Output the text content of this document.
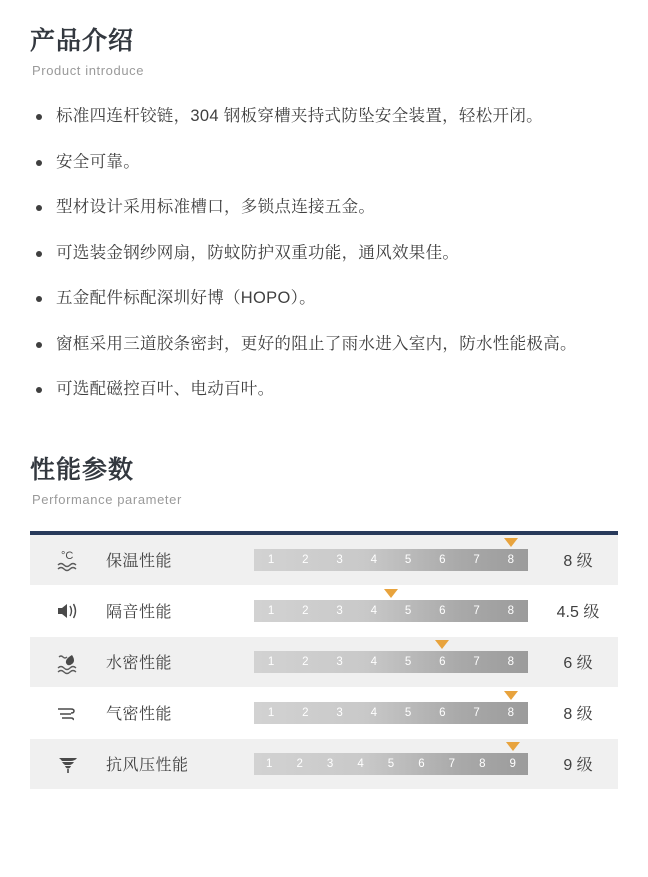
产品介绍
Product introduce
标准四连杆铰链，304 钢板穿槽夹持式防坠安全装置，轻松开闭。
安全可靠。
型材设计采用标准槽口，多锁点连接五金。
可选装金钢纱网扇，防蚊防护双重功能，通风效果佳。
五金配件标配深圳好博（HOPO）。
窗框采用三道胶条密封，更好的阻止了雨水进入室内，防水性能极高。
可选配磁控百叶、电动百叶。
性能参数
Performance parameter
°C 保温性能	1	2	3	4	5	6	7	8	8 级
隔音性能	1	2	3	4	5	6	7	8	4.5 级
水密性能	1	2	3	4	5	6	7	8	6 级
气密性能	1	2	3	4	5	6	7	8	8 级
抗风压性能	1	2	3	4	5	6	7	8	9	9 级
